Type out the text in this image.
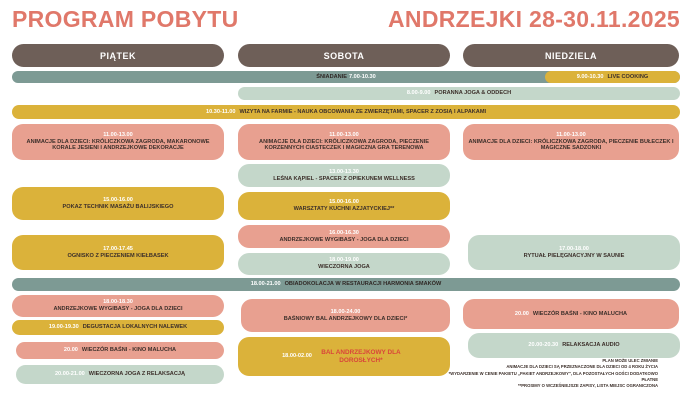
PROGRAM POBYTU	ANDRZEJKI 28-30.11.2025
PIĄTEK	SOBOTA	NIEDZIELA
ŚNIADANIE 7.00-10.30	9.00-10.30 LIVE COOKING
8.00-9.00 PORANNA JOGA & ODDECH
10.30-11.00 WIZYTA NA FARMIE - NAUKA OBCOWANIA ZE ZWIERZĘTAMI, SPACER Z ZOSIĄ I ALPAKAMI
11.00-13.00
ANIMACJE DLA DZIECI: KRÓLICZKOWA ZAGRODA, MAKARONOWE KORALE JESIENI I ANDRZEJKOWE DEKORACJE
11.00-13.00
ANIMACJE DLA DZIECI: KRÓLICZKOWA ZAGRODA, PIECZENIE KORZENNYCH CIASTECZEK I MAGICZNA GRA TERENOWA
11.00-13.00
ANIMACJE DLA DZIECI: KRÓLICZKOWA ZAGRODA, PIECZENIE BUŁECZEK I MAGICZNE SADZONKI
13.00-13.30
LEŚNA KĄPIEL - SPACER Z OPIEKUNEM WELLNESS
15.00-16.00
POKAZ TECHNIK MASAŻU BALIJSKIEGO
15.00-16.00
WARSZTATY KUCHNI AZJATYCKIEJ**
16.00-16.30
ANDRZEJKOWE WYGIBASY - JOGA DLA DZIECI
17.00-17.45
OGNISKO Z PIECZENIEM KIEŁBASEK
18.00-19.00
WIECZORNA JOGA
17.00-18.00
RYTUAŁ PIELĘGNACYJNY W SAUNIE
18.00-21.00 OBIADOKOLACJA W RESTAURACJI HARMONIA SMAKÓW
18.00-18.30
ANDRZEJKOWE WYGIBASY - JOGA DLA DZIECI
19.00-19.30 DEGUSTACJA LOKALNYCH NALEWEK
20.00 WIECZÓR BAŚNI - KINO MALUCHA
20.00-21.00 WIECZORNA JOGA Z RELAKSACJĄ
18.00-24.00
BAŚNIOWY BAL ANDRZEJKOWY DLA DZIECI*
18.00-02.00
BAL ANDRZEJKOWY DLA DOROSŁYCH*
20.00 WIECZÓR BAŚNI - KINO MALUCHA
20.00-20.30 RELAKSACJA AUDIO
PLAN MOŻE ULEC ZMIANIE
ANIMACJE DLA DZIECI SĄ PRZEZNACZONE DLA DZIECI OD 4 ROKU ŻYCIA
*WYDARZENIE W CENIE PAKIETU „PAKIET ANDRZEJKOWY", DLA POZOSTAŁYCH GOŚCI DODATKOWO
PŁATNE
**PROSIMY O WCZEŚNIEJSZE ZAPISY, LISTA MIEJSC OGRANICZONA
